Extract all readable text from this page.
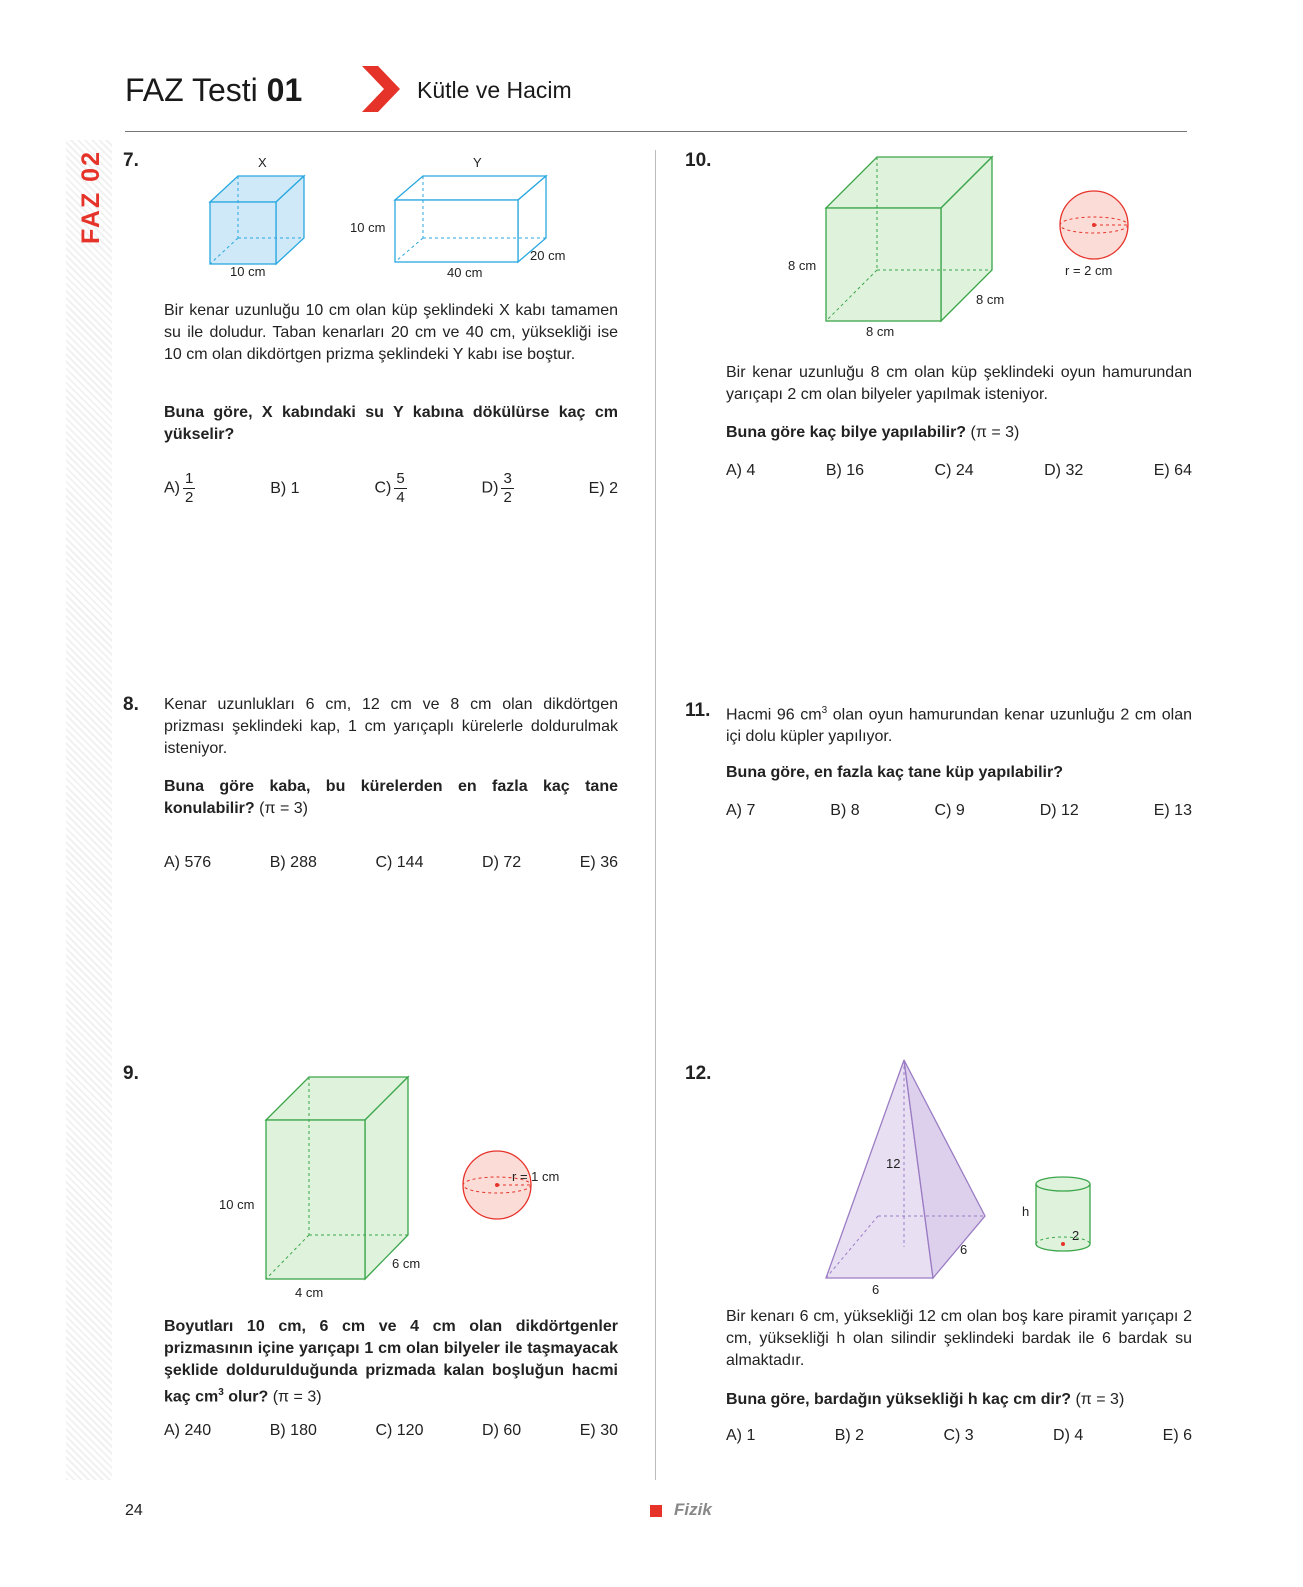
FAZ Testi 01	Kütle ve Hacim
FAZ 02 7.	X
10 cm
Y
10 cm
40 cm
20 cm
Bir kenar uzunluğu 10 cm olan küp şeklindeki X kabı tamamen su ile doludur. Taban kenarları 20 cm ve 40 cm, yüksekliği ise 10 cm olan dikdörtgen prizma şeklindeki Y kabı ise boştur.
Buna göre, X kabındaki su Y kabına dökülürse kaç cm yükselir?
$A) \frac{1}{2}$	B) 1	$C) \frac{5}{4}$	$D) \frac{3}{2}$	E) 2
8. Kenar uzunlukları 6 cm, 12 cm ve 8 cm olan dikdörtgen prizması şeklindeki kap, 1 cm yarıçaplı kürelerle doldurulmak isteniyor.
Buna göre kaba, bu kürelerden en fazla kaç tane konulabilir? (π = 3)
A) 576	B) 288	C) 144	D) 72	E) 36
9.
10 cm
6 cm
4 cm
r = 1 cm
Boyutları 10 cm, 6 cm ve 4 cm olan dikdörtgenler prizmasının içine yarıçapı 1 cm olan bilyeler ile taşmayacak şeklide doldurulduğunda prizmada kalan boşluğun hacmi kaç $cm^3$ olur? (π = 3)
A) 240	B) 180	C) 120	D) 60	E) 30
10.
8 cm
8 cm
8 cm
r = 2 cm
Bir kenar uzunluğu 8 cm olan küp şeklindeki oyun hamurundan yarıçapı 2 cm olan bilyeler yapılmak isteniyor.
Buna göre kaç bilye yapılabilir? (π = 3)
A) 4	B) 16	C) 24	D) 32	E) 64
11. Hacmi 96 $cm^3$ olan oyun hamurundan kenar uzunluğu 2 cm olan içi dolu küpler yapılıyor.
Buna göre, en fazla kaç tane küp yapılabilir?
A) 7	B) 8	C) 9	D) 12	E) 13
12.
12
6
6
h
2
Bir kenarı 6 cm, yüksekliği 12 cm olan boş kare piramit yarıçapı 2 cm, yüksekliği h olan silindir şeklindeki bardak ile 6 bardak su almaktadır.
Buna göre, bardağın yüksekliği h kaç cm dir? (π = 3)
A) 1	B) 2	C) 3	D) 4	E) 6
24	Fizik
